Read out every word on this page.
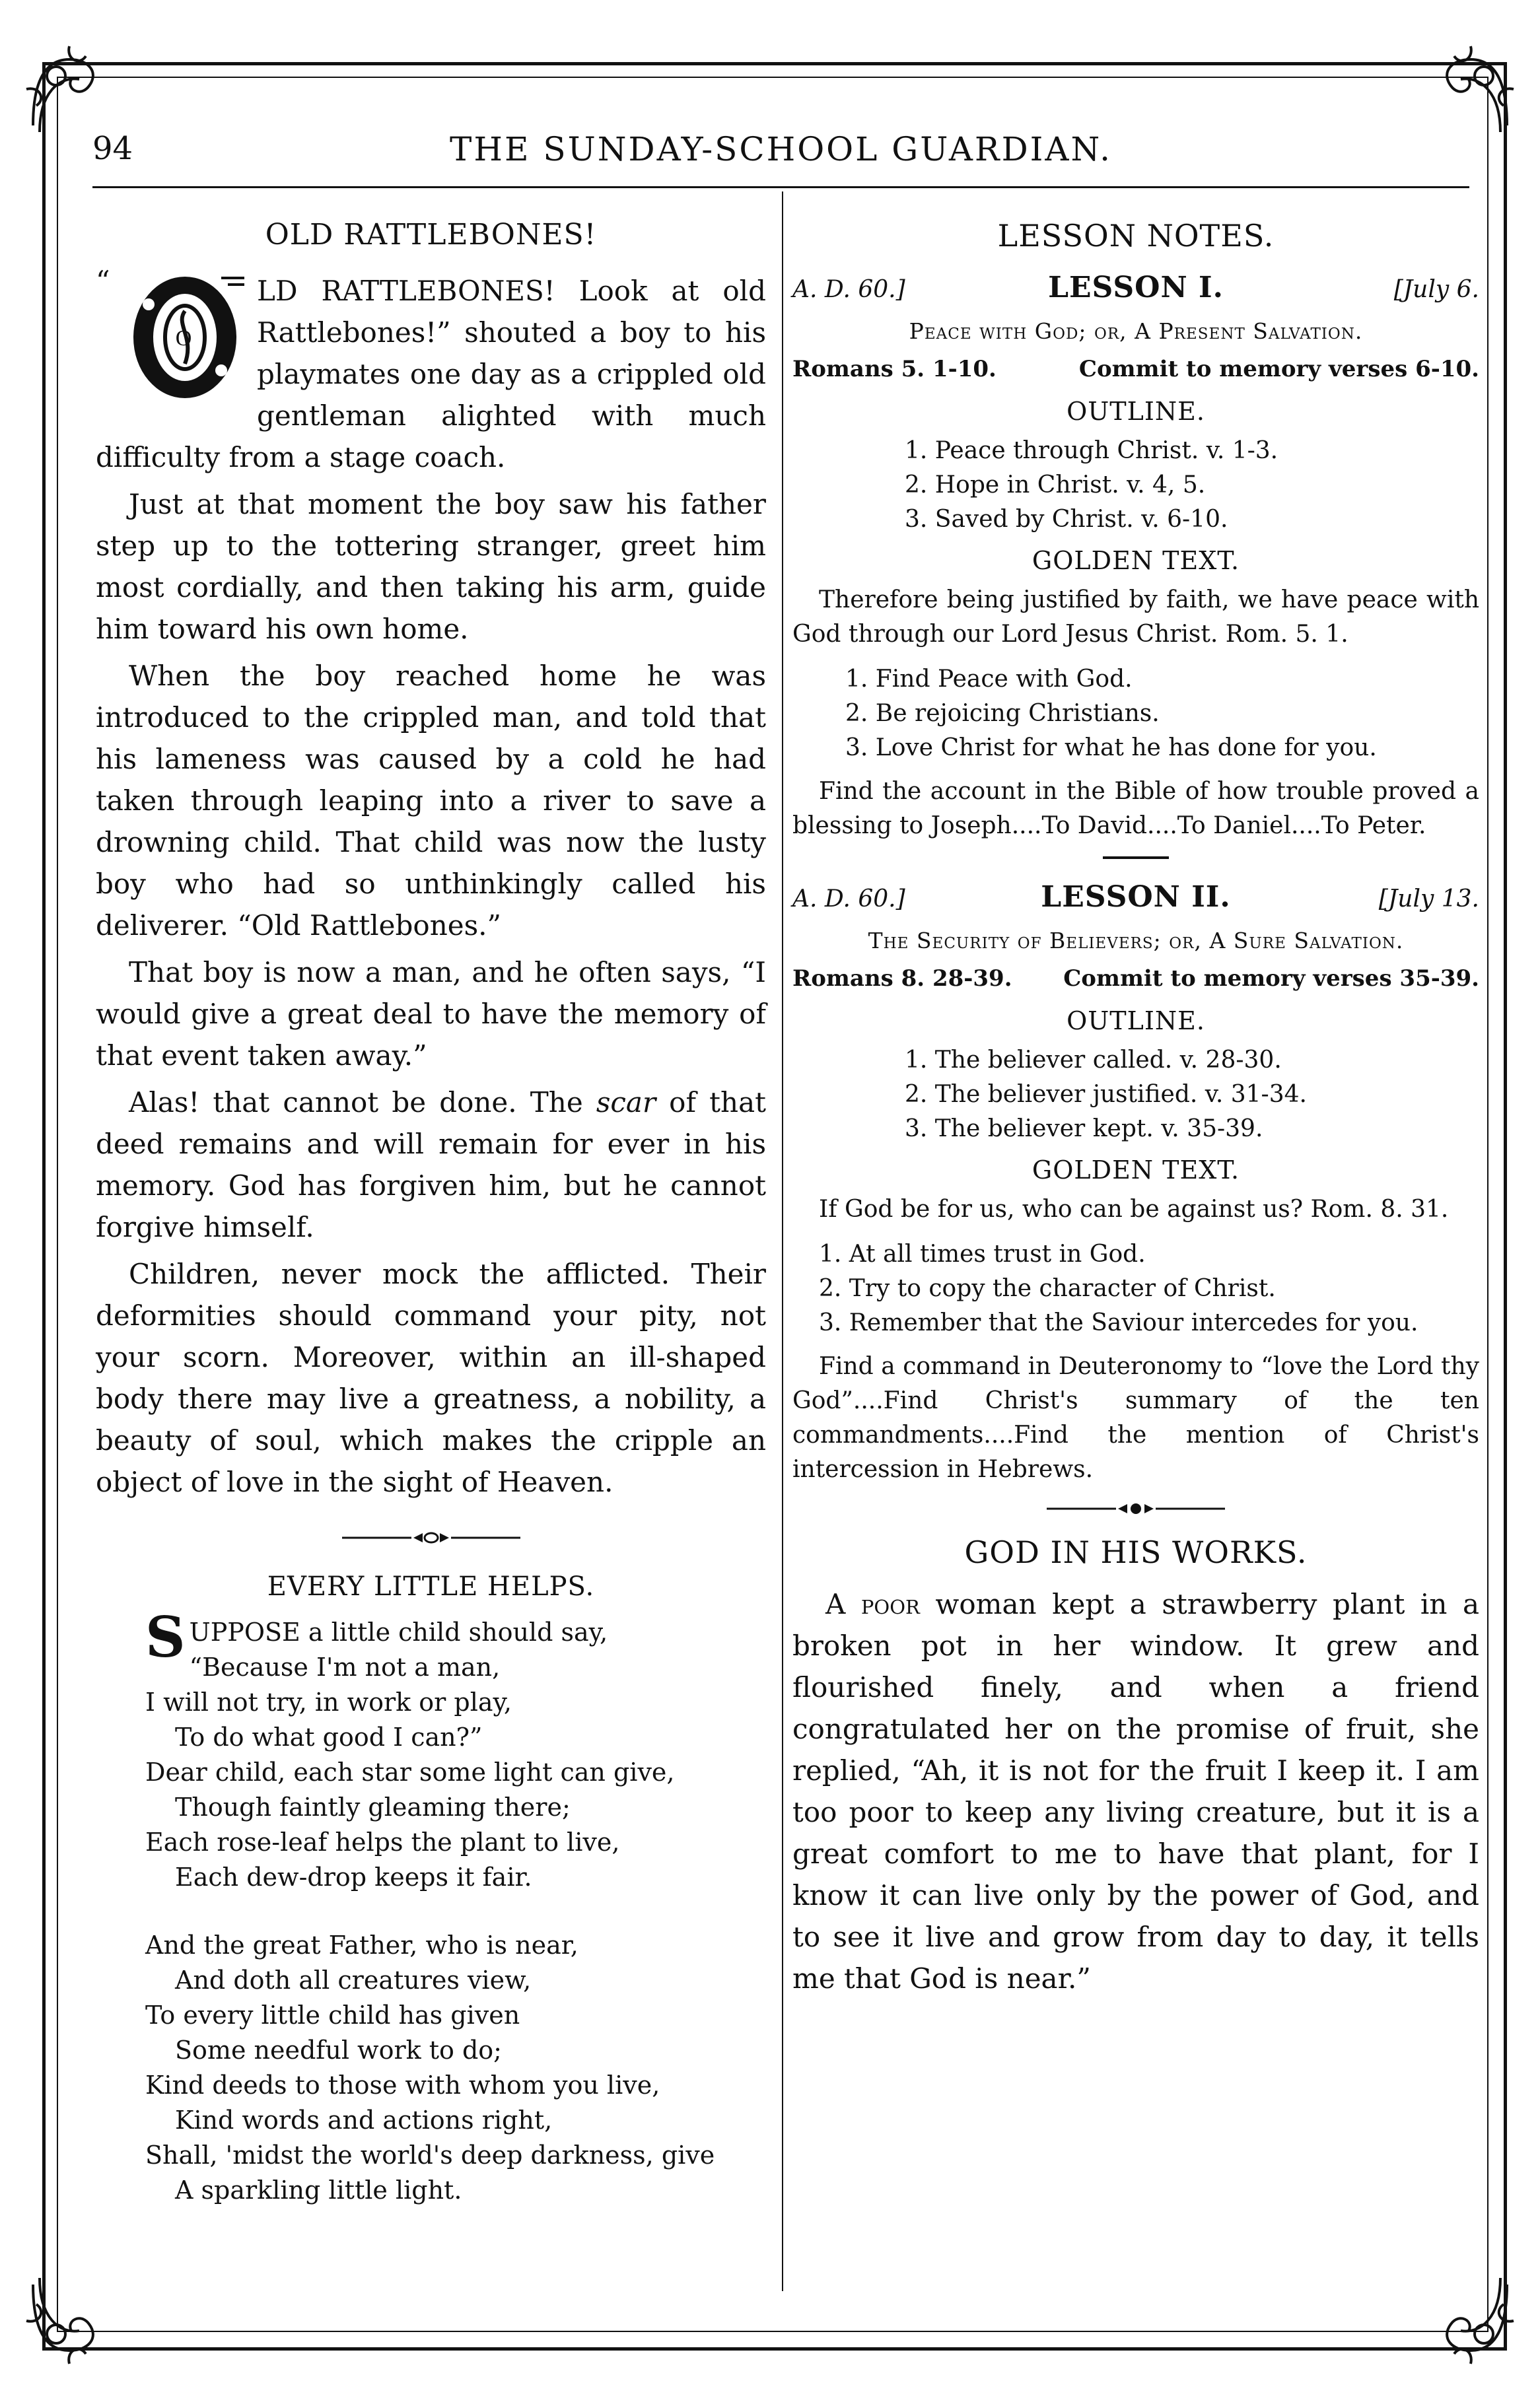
94	THE SUNDAY-SCHOOL GUARDIAN.
OLD RATTLEBONES!
“
O

LD RATTLEBONES! Look at old Rattlebones!” shouted a boy to his playmates one day as a crippled old gentleman alighted with much difficulty from a stage coach.

Just at that moment the boy saw his father step up to the tottering stranger, greet him most cordially, and then taking his arm, guide him toward his own home.

When the boy reached home he was introduced to the crippled man, and told that his lameness was caused by a cold he had taken through leaping into a river to save a drowning child. That child was now the lusty boy who had so unthinkingly called his deliverer. “Old Rattlebones.”

That boy is now a man, and he often says, “I would give a great deal to have the memory of that event taken away.”

Alas! that cannot be done. The scar of that deed remains and will remain for ever in his memory. God has forgiven him, but he cannot forgive himself.

Children, never mock the afflicted. Their deformities should command your pity, not your scorn. Moreover, within an ill-shaped body there may live a greatness, a nobility, a beauty of soul, which makes the cripple an object of love in the sight of Heaven.

EVERY LITTLE HELPS.
SUPPOSE a little child should say,
“Because I'm not a man,
I will not try, in work or play,
To do what good I can?”
Dear child, each star some light can give,
Though faintly gleaming there;
Each rose-leaf helps the plant to live,
Each dew-drop keeps it fair.
And the great Father, who is near,
And doth all creatures view,
To every little child has given
Some needful work to do;
Kind deeds to those with whom you live,
Kind words and actions right,
Shall, 'midst the world's deep darkness, give
A sparkling little light.
LESSON NOTES.
A. D. 60.]	LESSON I.	[July 6.
Peace with God; or, A Present Salvation.
Romans 5. 1-10.	Commit to memory verses 6-10.
OUTLINE.
1. Peace through Christ. v. 1-3.
2. Hope in Christ. v. 4, 5.
3. Saved by Christ. v. 6-10.
GOLDEN TEXT.

Therefore being justified by faith, we have peace with God through our Lord Jesus Christ. Rom. 5. 1.

1. Find Peace with God.
2. Be rejoicing Christians.
3. Love Christ for what he has done for you.

Find the account in the Bible of how trouble proved a blessing to Joseph....To David....To Daniel....To Peter.

A. D. 60.]	LESSON II.	[July 13.
The Security of Believers; or, A Sure Salvation.
Romans 8. 28-39. Commit to memory verses 35-39.
OUTLINE.
1. The believer called. v. 28-30.
2. The believer justified. v. 31-34.
3. The believer kept. v. 35-39.
GOLDEN TEXT.

If God be for us, who can be against us? Rom. 8. 31.

1. At all times trust in God.
2. Try to copy the character of Christ.
3. Remember that the Saviour intercedes for you.

Find a command in Deuteronomy to “love the Lord thy God”....Find Christ's summary of the ten commandments....Find the mention of Christ's intercession in Hebrews.

GOD IN HIS WORKS.

A poor woman kept a strawberry plant in a broken pot in her window. It grew and flourished finely, and when a friend congratulated her on the promise of fruit, she replied, “Ah, it is not for the fruit I keep it. I am too poor to keep any living creature, but it is a great comfort to me to have that plant, for I know it can live only by the power of God, and to see it live and grow from day to day, it tells me that God is near.”
